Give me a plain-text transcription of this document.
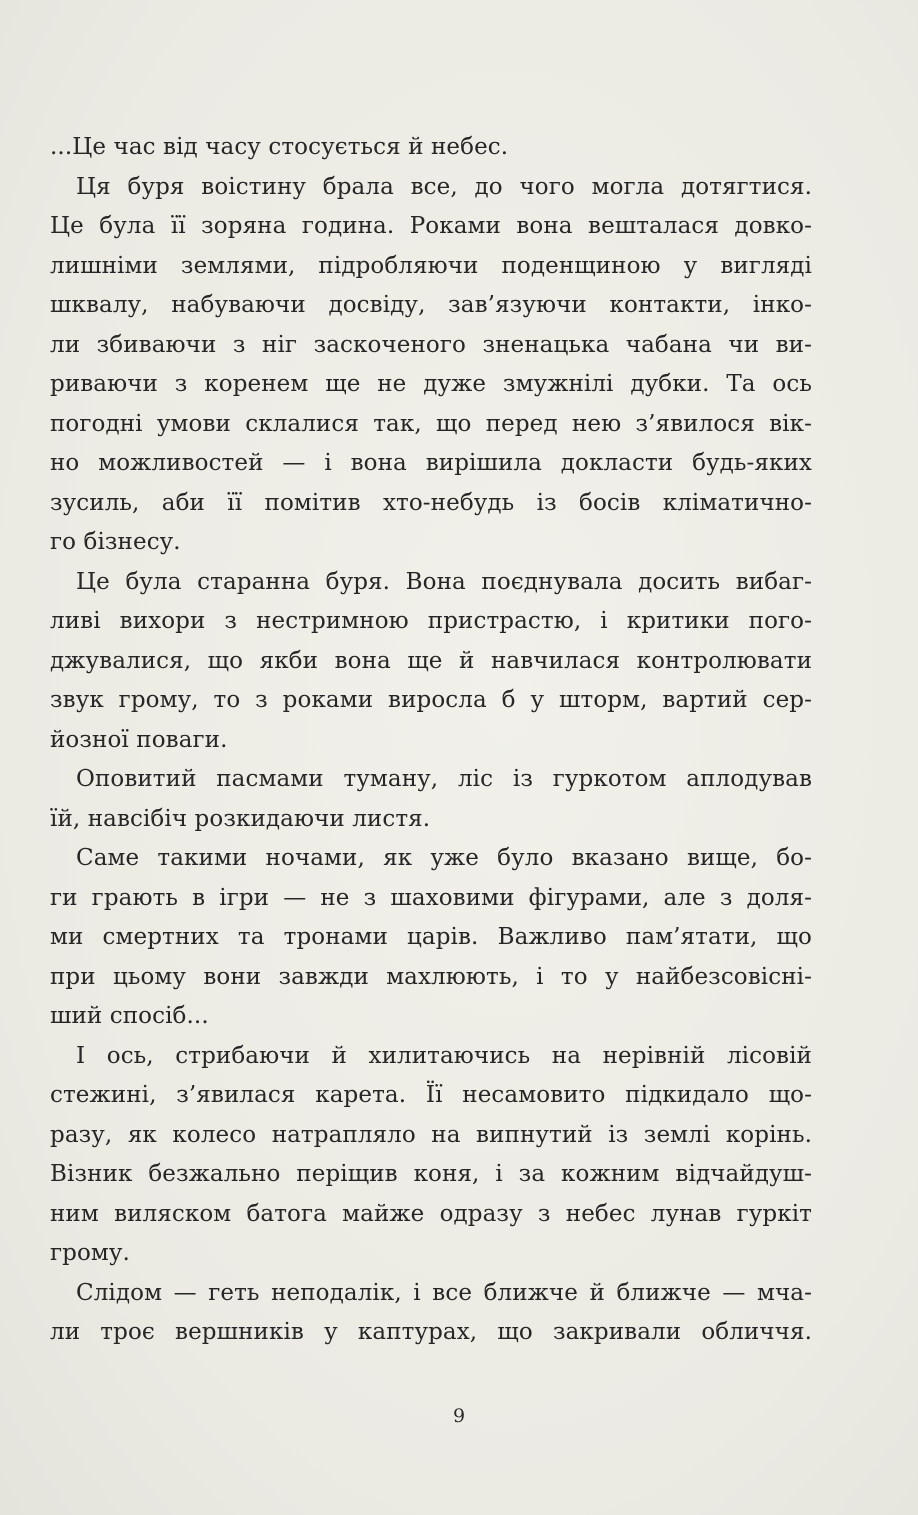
...Це час від часу стосується й небес.
Ця буря воістину брала все, до чого могла дотягтися.
Це була її зоряна година. Роками вона вешталася довко-
лишніми землями, підробляючи поденщиною у вигляді
шквалу, набуваючи досвіду, зав’язуючи контакти, інко-
ли збиваючи з ніг заскоченого зненацька чабана чи ви-
риваючи з коренем ще не дуже змужнілі дубки. Та ось
погодні умови склалися так, що перед нею з’явилося вік-
но можливостей — і вона вирішила докласти будь-яких
зусиль, аби її помітив хто-небудь із босів кліматично-
го бізнесу.
Це була старанна буря. Вона поєднувала досить вибаг-
ливі вихори з нестримною пристрастю, і критики пого-
джувалися, що якби вона ще й навчилася контролювати
звук грому, то з роками виросла б у шторм, вартий сер-
йозної поваги.
Оповитий пасмами туману, ліс із гуркотом аплодував
їй, навсібіч розкидаючи листя.
Саме такими ночами, як уже було вказано вище, бо-
ги грають в ігри — не з шаховими фігурами, але з доля-
ми смертних та тронами царів. Важливо пам’ятати, що
при цьому вони завжди махлюють, і то у найбезсовісні-
ший спосіб...
І ось, стрибаючи й хилитаючись на нерівній лісовій
стежині, з’явилася карета. Її несамовито підкидало що-
разу, як колесо натрапляло на випнутий із землі корінь.
Візник безжально періщив коня, і за кожним відчайдуш-
ним виляском батога майже одразу з небес лунав гуркіт
грому.
Слідом — геть неподалік, і все ближче й ближче — мча-
ли троє вершників у каптурах, що закривали обличчя.
9
